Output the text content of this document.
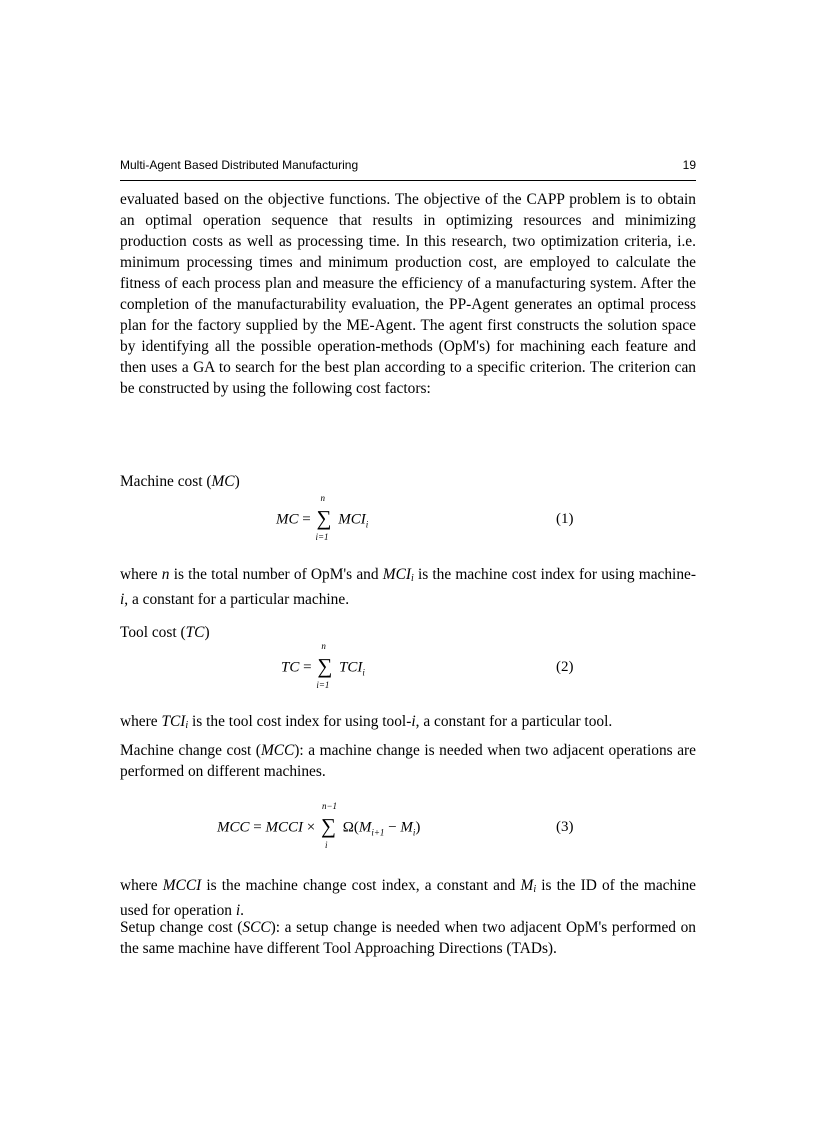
Multi-Agent Based Distributed Manufacturing	19

evaluated based on the objective functions. The objective of the CAPP problem is to obtain an optimal operation sequence that results in optimizing resources and minimizing production costs as well as processing time. In this research, two optimization criteria, i.e. minimum processing times and minimum production cost, are employed to calculate the fitness of each process plan and measure the efficiency of a manufacturing system. After the completion of the manufacturability evaluation, the PP-Agent generates an optimal process plan for the factory supplied by the ME-Agent. The agent first constructs the solution space by identifying all the possible operation-methods (OpM's) for machining each feature and then uses a GA to search for the best plan according to a specific criterion. The criterion can be constructed by using the following cost factors:

Machine cost (MC)
MC =
n
∑
i=1
$MCI_i$	(1)

where n is the total number of OpM's and MCIi is the machine cost index for using machine-i, a constant for a particular machine.

Tool cost (TC)
TC =
n
∑
i=1
$TCI_i$	(2)

where TCIi is the tool cost index for using tool-i, a constant for a particular tool.

Machine change cost (MCC): a machine change is needed when two adjacent operations are performed on different machines.

MCC = MCCI ×
n−1
∑
i
$\Omega(M_{i+1} - M_i)$	(3)

where MCCI is the machine change cost index, a constant and Mi is the ID of the machine used for operation i.

Setup change cost (SCC): a setup change is needed when two adjacent OpM's performed on the same machine have different Tool Approaching Directions (TADs).
